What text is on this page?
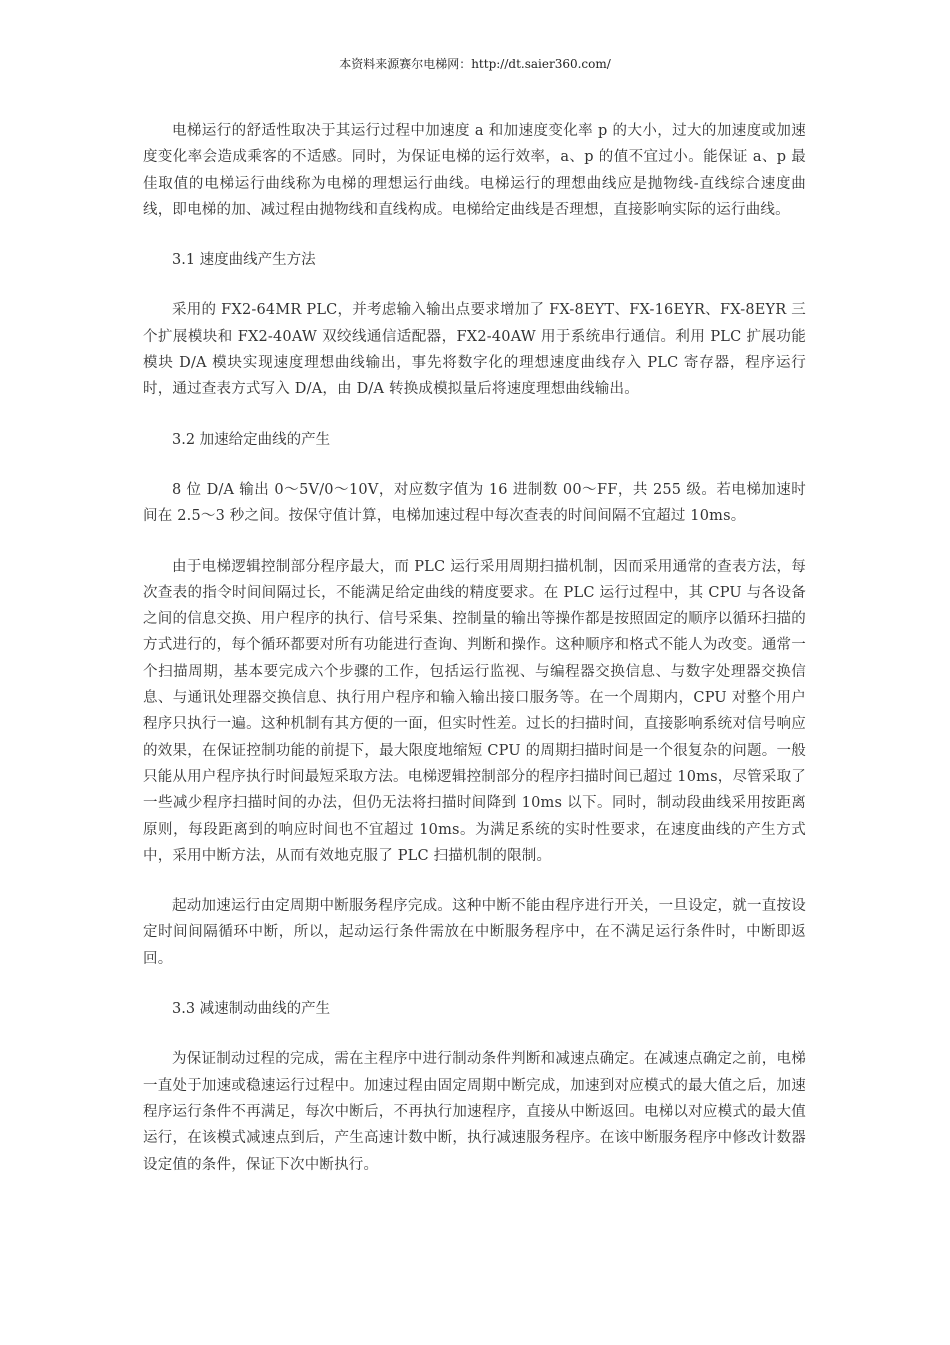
本资料来源赛尔电梯网：http://dt.saier360.com/

电梯运行的舒适性取决于其运行过程中加速度 a 和加速度变化率 p 的大小，过大的加速度或加速度变化率会造成乘客的不适感。同时，为保证电梯的运行效率，a、p 的值不宜过小。能保证 a、p 最佳取值的电梯运行曲线称为电梯的理想运行曲线。电梯运行的理想曲线应是抛物线-直线综合速度曲线，即电梯的加、减过程由抛物线和直线构成。电梯给定曲线是否理想，直接影响实际的运行曲线。

3.1 速度曲线产生方法

采用的 FX2-64MR PLC，并考虑输入输出点要求增加了 FX-8EYT、FX-16EYR、FX-8EYR 三个扩展模块和 FX2-40AW 双绞线通信适配器，FX2-40AW 用于系统串行通信。利用 PLC 扩展功能模块 D/A 模块实现速度理想曲线输出，事先将数字化的理想速度曲线存入 PLC 寄存器，程序运行时，通过查表方式写入 D/A，由 D/A 转换成模拟量后将速度理想曲线输出。

3.2 加速给定曲线的产生

8 位 D/A 输出 0～5V/0～10V，对应数字值为 16 进制数 00～FF，共 255 级。若电梯加速时间在 2.5～3 秒之间。按保守值计算，电梯加速过程中每次查表的时间间隔不宜超过 10ms。

由于电梯逻辑控制部分程序最大，而 PLC 运行采用周期扫描机制，因而采用通常的查表方法，每次查表的指令时间间隔过长，不能满足给定曲线的精度要求。在 PLC 运行过程中，其 CPU 与各设备之间的信息交换、用户程序的执行、信号采集、控制量的输出等操作都是按照固定的顺序以循环扫描的方式进行的，每个循环都要对所有功能进行查询、判断和操作。这种顺序和格式不能人为改变。通常一个扫描周期，基本要完成六个步骤的工作，包括运行监视、与编程器交换信息、与数字处理器交换信息、与通讯处理器交换信息、执行用户程序和输入输出接口服务等。在一个周期内，CPU 对整个用户程序只执行一遍。这种机制有其方便的一面，但实时性差。过长的扫描时间，直接影响系统对信号响应的效果，在保证控制功能的前提下，最大限度地缩短 CPU 的周期扫描时间是一个很复杂的问题。一般只能从用户程序执行时间最短采取方法。电梯逻辑控制部分的程序扫描时间已超过 10ms，尽管采取了一些减少程序扫描时间的办法，但仍无法将扫描时间降到 10ms 以下。同时，制动段曲线采用按距离原则，每段距离到的响应时间也不宜超过 10ms。为满足系统的实时性要求，在速度曲线的产生方式中，采用中断方法，从而有效地克服了 PLC 扫描机制的限制。

起动加速运行由定周期中断服务程序完成。这种中断不能由程序进行开关，一旦设定，就一直按设定时间间隔循环中断，所以，起动运行条件需放在中断服务程序中，在不满足运行条件时，中断即返回。

3.3 减速制动曲线的产生

为保证制动过程的完成，需在主程序中进行制动条件判断和减速点确定。在减速点确定之前，电梯一直处于加速或稳速运行过程中。加速过程由固定周期中断完成，加速到对应模式的最大值之后，加速程序运行条件不再满足，每次中断后，不再执行加速程序，直接从中断返回。电梯以对应模式的最大值运行，在该模式减速点到后，产生高速计数中断，执行减速服务程序。在该中断服务程序中修改计数器设定值的条件，保证下次中断执行。
